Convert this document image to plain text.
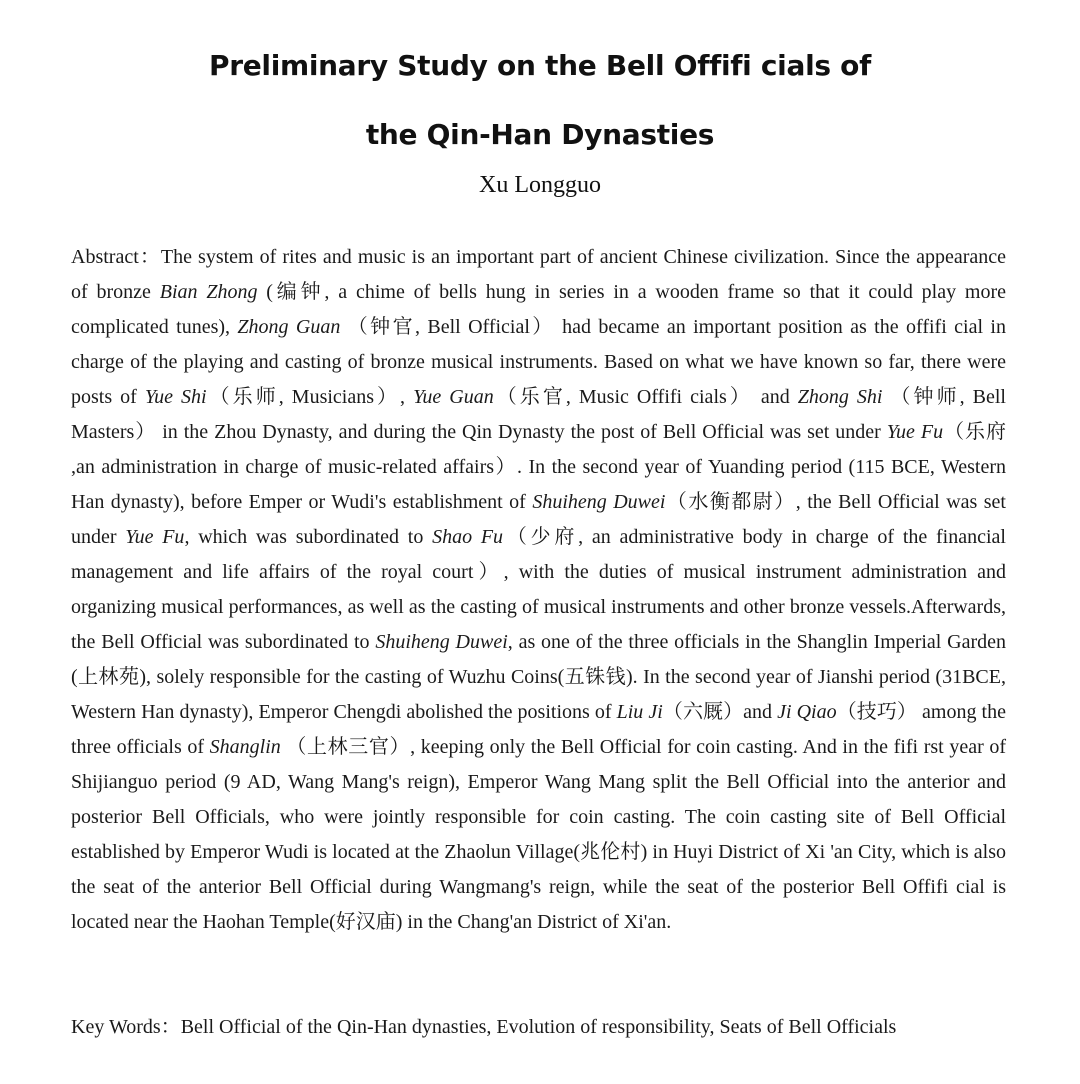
Preliminary Study on the Bell Offifi cials of
the Qin-Han Dynasties
Xu Longguo

Abstract：The system of rites and music is an important part of ancient Chinese civilization. Since the appearance of bronze Bian Zhong (编钟, a chime of bells hung in series in a wooden frame so that it could play more complicated tunes), Zhong Guan （钟官, Bell Official） had became an important position as the offifi cial in charge of the playing and casting of bronze musical instruments. Based on what we have known so far, there were posts of Yue Shi（乐师, Musicians）, Yue Guan（乐官, Music Offifi cials） and Zhong Shi （钟师, Bell Masters） in the Zhou Dynasty, and during the Qin Dynasty the post of Bell Official was set under Yue Fu（乐府 ,an administration in charge of music-related affairs）. In the second year of Yuanding period (115 BCE, Western Han dynasty), before Emper or Wudi's establishment of Shuiheng Duwei（水衡都尉）, the Bell Official was set under Yue Fu, which was subordinated to Shao Fu（少府, an administrative body in charge of the financial management and life affairs of the royal court）, with the duties of musical instrument administration and organizing musical performances, as well as the casting of musical instruments and other bronze vessels.Afterwards, the Bell Official was subordinated to Shuiheng Duwei, as one of the three officials in the Shanglin Imperial Garden (上林苑), solely responsible for the casting of Wuzhu Coins(五铢钱). In the second year of Jianshi period (31BCE, Western Han dynasty), Emperor Chengdi abolished the positions of Liu Ji（六厩）and Ji Qiao（技巧） among the three officials of Shanglin （上林三官）, keeping only the Bell Official for coin casting. And in the fifi rst year of Shijianguo period (9 AD, Wang Mang's reign), Emperor Wang Mang split the Bell Official into the anterior and posterior Bell Officials, who were jointly responsible for coin casting. The coin casting site of Bell Official established by Emperor Wudi is located at the Zhaolun Village(兆伦村) in Huyi District of Xi 'an City, which is also the seat of the anterior Bell Official during Wangmang's reign, while the seat of the posterior Bell Offifi cial is located near the Haohan Temple(好汉庙) in the Chang'an District of Xi'an.

Key Words：Bell Official of the Qin-Han dynasties, Evolution of responsibility, Seats of Bell Officials
